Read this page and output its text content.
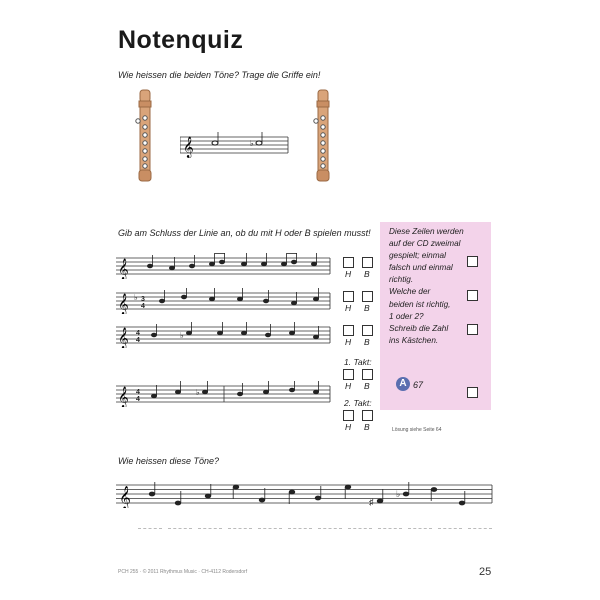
Notenquiz
Wie heissen die beiden Töne? Trage die Griffe ein!
𝄞	♭
Gib am Schluss der Linie an, ob du mit H oder B spielen musst! Diese Zeilen werden
auf der CD zweimal
gespielt; einmal
falsch und einmal
richtig.
Welche der
beiden ist richtig,
1 oder 2?
Schreib die Zahl
ins Kästchen.
A 67
𝄞
𝄞 ♭ 3
4
𝄞 4
4
♭
𝄞 4
4
♭
H B
H B
H B
1. Takt:
H B
2. Takt:
H B	Lösung siehe Seite 64
Wie heissen diese Töne?
𝄞	♯
♭
PCH 255 · © 2011 Rhythmus Music · CH-4112 Rodersdorf	25
